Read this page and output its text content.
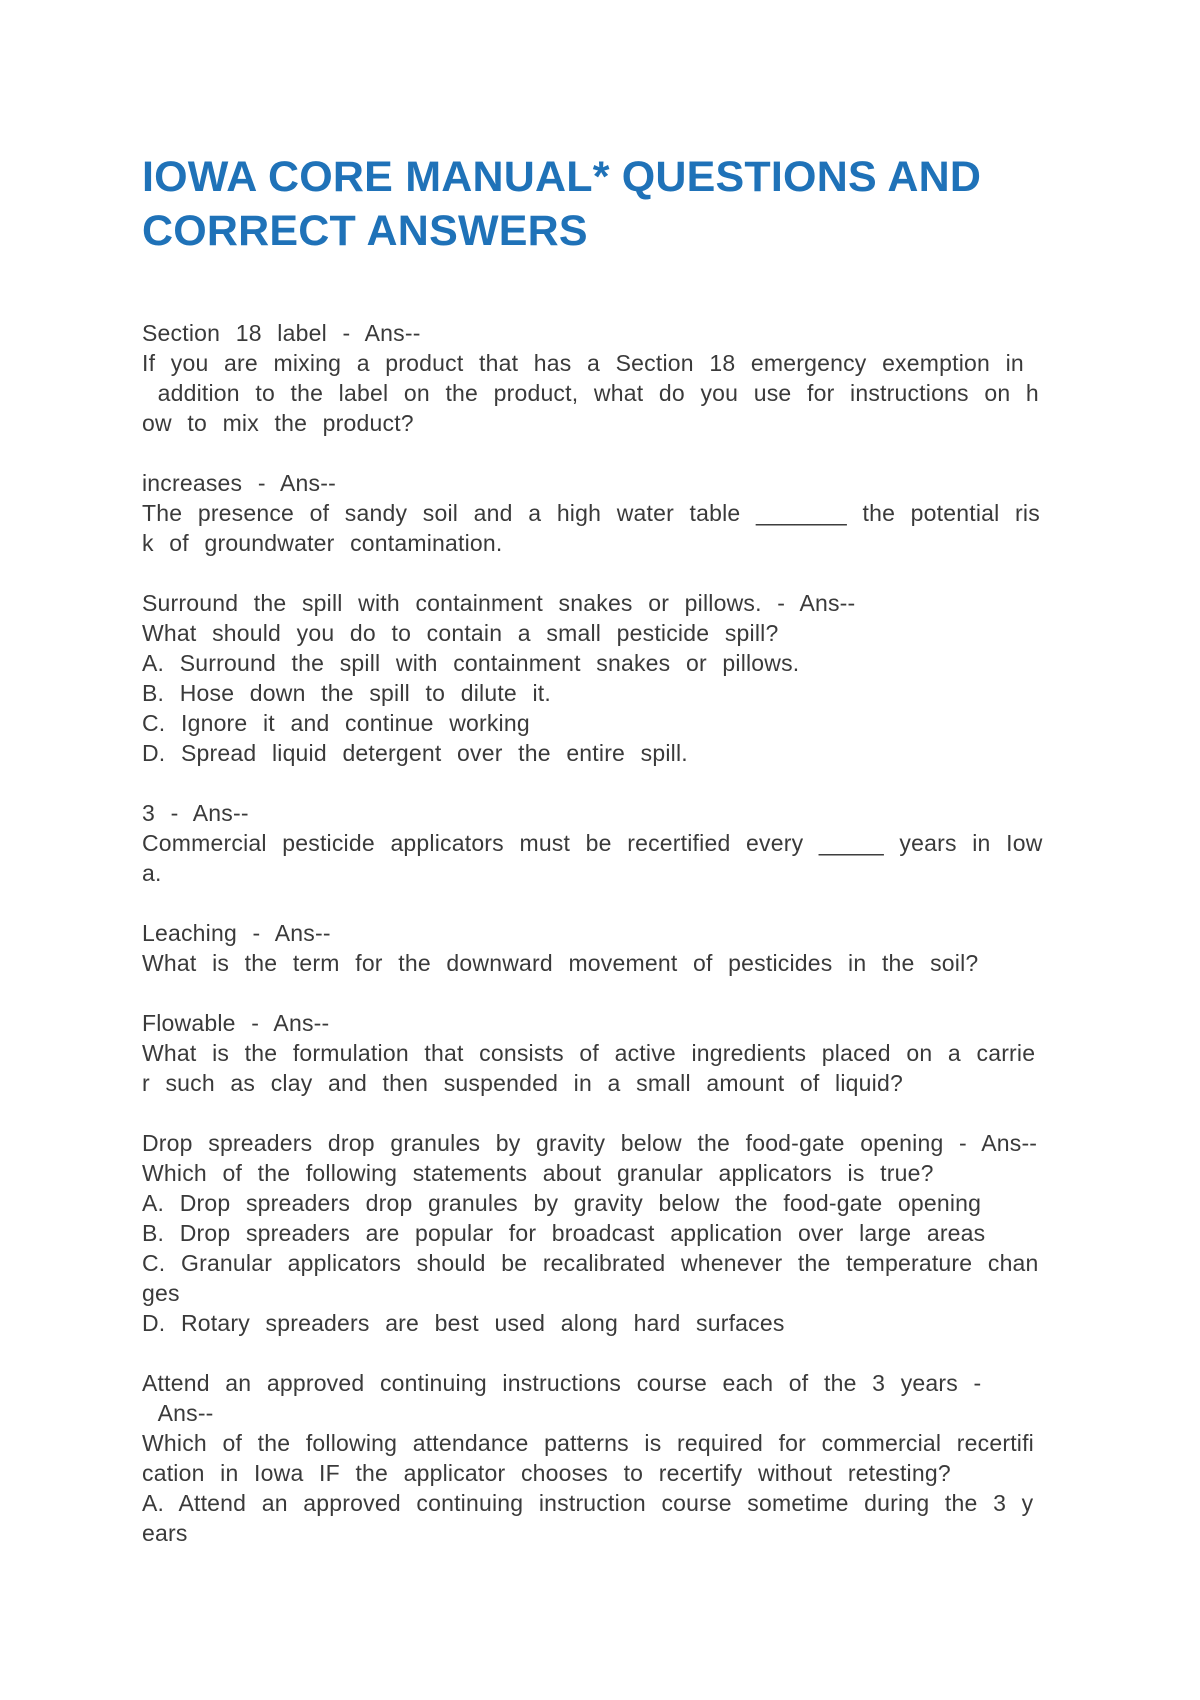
IOWA CORE MANUAL* QUESTIONS AND
CORRECT ANSWERS
Section 18 label - Ans--
If you are mixing a product that has a Section 18 emergency exemption in
addition to the label on the product, what do you use for instructions on h
ow to mix the product?
increases - Ans--
The presence of sandy soil and a high water table _______ the potential ris
k of groundwater contamination.
Surround the spill with containment snakes or pillows. - Ans--
What should you do to contain a small pesticide spill?
A. Surround the spill with containment snakes or pillows.
B. Hose down the spill to dilute it.
C. Ignore it and continue working
D. Spread liquid detergent over the entire spill.
3 - Ans--
Commercial pesticide applicators must be recertified every _____ years in Iow
a.
Leaching - Ans--
What is the term for the downward movement of pesticides in the soil?
Flowable - Ans--
What is the formulation that consists of active ingredients placed on a carrie
r such as clay and then suspended in a small amount of liquid?
Drop spreaders drop granules by gravity below the food-gate opening - Ans--
Which of the following statements about granular applicators is true?
A. Drop spreaders drop granules by gravity below the food-gate opening
B. Drop spreaders are popular for broadcast application over large areas
C. Granular applicators should be recalibrated whenever the temperature chan
ges
D. Rotary spreaders are best used along hard surfaces
Attend an approved continuing instructions course each of the 3 years -
Ans--
Which of the following attendance patterns is required for commercial recertifi
cation in Iowa IF the applicator chooses to recertify without retesting?
A. Attend an approved continuing instruction course sometime during the 3 y
ears
